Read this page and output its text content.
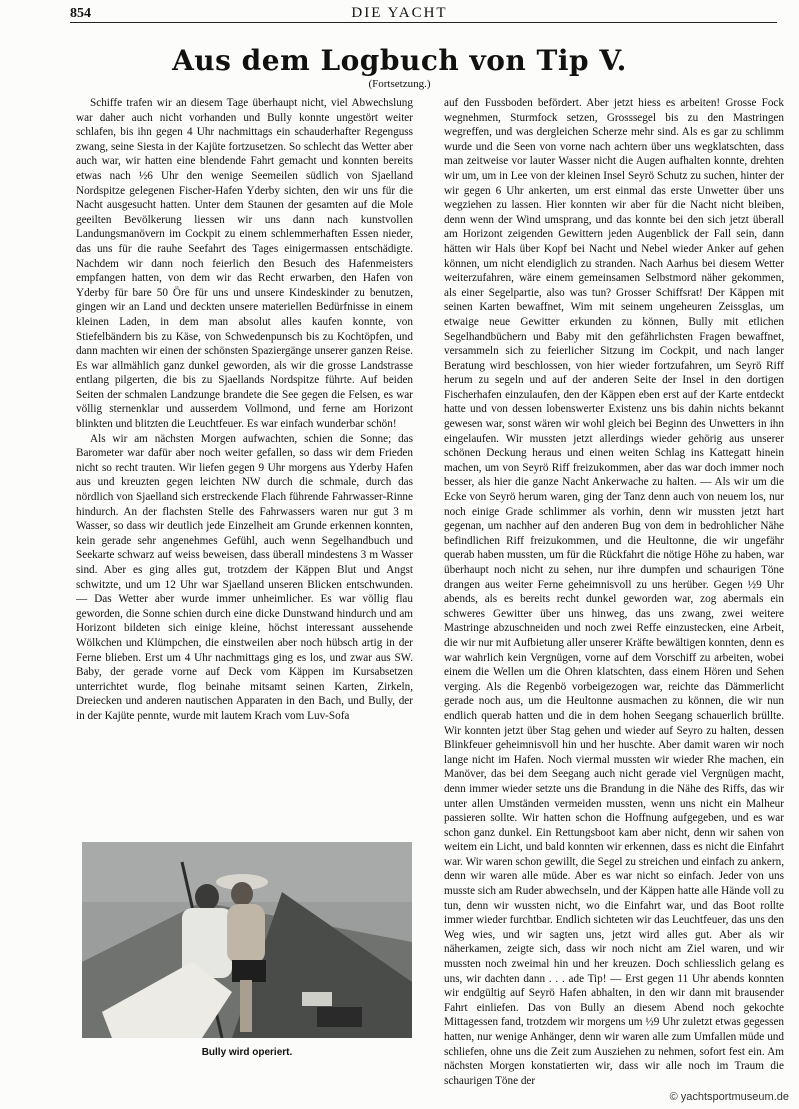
854	DIE YACHT
Aus dem Logbuch von Tip V.
(Fortsetzung.)

Schiffe trafen wir an diesem Tage überhaupt nicht, viel Abwechslung war daher auch nicht vorhanden und Bully konnte ungestört weiter schlafen, bis ihn gegen 4 Uhr nachmittags ein schauderhafter Regenguss zwang, seine Siesta in der Kajüte fortzusetzen. So schlecht das Wetter aber auch war, wir hatten eine blendende Fahrt gemacht und konnten bereits etwas nach ½6 Uhr den wenige Seemeilen südlich von Sjaelland Nordspitze gelegenen Fischer-Hafen Yderby sichten, den wir uns für die Nacht ausgesucht hatten. Unter dem Staunen der gesamten auf die Mole geeilten Bevölkerung liessen wir uns dann nach kunstvollen Landungsmanövern im Cockpit zu einem schlemmerhaften Essen nieder, das uns für die rauhe Seefahrt des Tages einigermassen entschädigte. Nachdem wir dann noch feierlich den Besuch des Hafenmeisters empfangen hatten, von dem wir das Recht erwarben, den Hafen von Yderby für bare 50 Öre für uns und unsere Kindeskinder zu benutzen, gingen wir an Land und deckten unsere materiellen Bedürfnisse in einem kleinen Laden, in dem man absolut alles kaufen konnte, von Stiefelbändern bis zu Käse, von Schwedenpunsch bis zu Kochtöpfen, und dann machten wir einen der schönsten Spaziergänge unserer ganzen Reise. Es war allmählich ganz dunkel geworden, als wir die grosse Landstrasse entlang pilgerten, die bis zu Sjaellands Nordspitze führte. Auf beiden Seiten der schmalen Landzunge brandete die See gegen die Felsen, es war völlig sternenklar und ausserdem Vollmond, und ferne am Horizont blinkten und blitzten die Leuchtfeuer. Es war einfach wunderbar schön!

Als wir am nächsten Morgen aufwachten, schien die Sonne; das Barometer war dafür aber noch weiter gefallen, so dass wir dem Frieden nicht so recht trauten. Wir liefen gegen 9 Uhr morgens aus Yderby Hafen aus und kreuzten gegen leichten NW durch die schmale, durch das nördlich von Sjaelland sich erstreckende Flach führende Fahrwasser-Rinne hindurch. An der flachsten Stelle des Fahrwassers waren nur gut 3 m Wasser, so dass wir deutlich jede Einzelheit am Grunde erkennen konnten, kein gerade sehr angenehmes Gefühl, auch wenn Segelhandbuch und Seekarte schwarz auf weiss beweisen, dass überall mindestens 3 m Wasser sind. Aber es ging alles gut, trotzdem der Käppen Blut und Angst schwitzte, und um 12 Uhr war Sjaelland unseren Blicken entschwunden. — Das Wetter aber wurde immer unheimlicher. Es war völlig flau geworden, die Sonne schien durch eine dicke Dunstwand hindurch und am Horizont bildeten sich einige kleine, höchst interessant aussehende Wölkchen und Klümpchen, die einstweilen aber noch hübsch artig in der Ferne blieben. Erst um 4 Uhr nachmittags ging es los, und zwar aus SW. Baby, der gerade vorne auf Deck vom Käppen im Kursabsetzen unterrichtet wurde, flog beinahe mitsamt seinen Karten, Zirkeln, Dreiecken und anderen nautischen Apparaten in den Bach, und Bully, der in der Kajüte pennte, wurde mit lautem Krach vom Luv-Sofa

Bully wird operiert.

auf den Fussboden befördert. Aber jetzt hiess es arbeiten! Grosse Fock wegnehmen, Sturmfock setzen, Grosssegel bis zu den Mastringen wegreffen, und was dergleichen Scherze mehr sind. Als es gar zu schlimm wurde und die Seen von vorne nach achtern über uns wegklatschten, dass man zeitweise vor lauter Wasser nicht die Augen aufhalten konnte, drehten wir um, um in Lee von der kleinen Insel Seyrö Schutz zu suchen, hinter der wir gegen 6 Uhr ankerten, um erst einmal das erste Unwetter über uns wegziehen zu lassen. Hier konnten wir aber für die Nacht nicht bleiben, denn wenn der Wind umsprang, und das konnte bei den sich jetzt überall am Horizont zeigenden Gewittern jeden Augenblick der Fall sein, dann hätten wir Hals über Kopf bei Nacht und Nebel wieder Anker auf gehen können, um nicht elendiglich zu stranden. Nach Aarhus bei diesem Wetter weiterzufahren, wäre einem gemeinsamen Selbstmord näher gekommen, als einer Segelpartie, also was tun? Grosser Schiffsrat! Der Käppen mit seinen Karten bewaffnet, Wim mit seinem ungeheuren Zeissglas, um etwaige neue Gewitter erkunden zu können, Bully mit etlichen Segelhandbüchern und Baby mit den gefährlichsten Fragen bewaffnet, versammeln sich zu feierlicher Sitzung im Cockpit, und nach langer Beratung wird beschlossen, von hier wieder fortzufahren, um Seyrö Riff herum zu segeln und auf der anderen Seite der Insel in den dortigen Fischerhafen einzulaufen, den der Käppen eben erst auf der Karte entdeckt hatte und von dessen lobenswerter Existenz uns bis dahin nichts bekannt gewesen war, sonst wären wir wohl gleich bei Beginn des Unwetters in ihn eingelaufen. Wir mussten jetzt allerdings wieder gehörig aus unserer schönen Deckung heraus und einen weiten Schlag ins Kattegatt hinein machen, um von Seyrö Riff freizukommen, aber das war doch immer noch besser, als hier die ganze Nacht Ankerwache zu halten. — Als wir um die Ecke von Seyrö herum waren, ging der Tanz denn auch von neuem los, nur noch einige Grade schlimmer als vorhin, denn wir mussten jetzt hart gegenan, um nachher auf den anderen Bug von dem in bedrohlicher Nähe befindlichen Riff freizukommen, und die Heultonne, die wir ungefähr querab haben mussten, um für die Rückfahrt die nötige Höhe zu haben, war überhaupt noch nicht zu sehen, nur ihre dumpfen und schaurigen Töne drangen aus weiter Ferne geheimnisvoll zu uns herüber. Gegen ½9 Uhr abends, als es bereits recht dunkel geworden war, zog abermals ein schweres Gewitter über uns hinweg, das uns zwang, zwei weitere Mastringe abzuschneiden und noch zwei Reffe einzustecken, eine Arbeit, die wir nur mit Aufbietung aller unserer Kräfte bewältigen konnten, denn es war wahrlich kein Vergnügen, vorne auf dem Vorschiff zu arbeiten, wobei einem die Wellen um die Ohren klatschten, dass einem Hören und Sehen verging. Als die Regenbö vorbeigezogen war, reichte das Dämmerlicht gerade noch aus, um die Heultonne ausmachen zu können, die wir nun endlich querab hatten und die in dem hohen Seegang schauerlich brüllte. Wir konnten jetzt über Stag gehen und wieder auf Seyro zu halten, dessen Blinkfeuer geheimnisvoll hin und her huschte. Aber damit waren wir noch lange nicht im Hafen. Noch viermal mussten wir wieder Rhe machen, ein Manöver, das bei dem Seegang auch nicht gerade viel Vergnügen macht, denn immer wieder setzte uns die Brandung in die Nähe des Riffs, das wir unter allen Umständen vermeiden mussten, wenn uns nicht ein Malheur passieren sollte. Wir hatten schon die Hoffnung aufgegeben, und es war schon ganz dunkel. Ein Rettungsboot kam aber nicht, denn wir sahen von weitem ein Licht, und bald konnten wir erkennen, dass es nicht die Einfahrt war. Wir waren schon gewillt, die Segel zu streichen und einfach zu ankern, denn wir waren alle müde. Aber es war nicht so einfach. Jeder von uns musste sich am Ruder abwechseln, und der Käppen hatte alle Hände voll zu tun, denn wir wussten nicht, wo die Einfahrt war, und das Boot rollte immer wieder furchtbar. Endlich sichteten wir das Leuchtfeuer, das uns den Weg wies, und wir sagten uns, jetzt wird alles gut. Aber als wir näherkamen, zeigte sich, dass wir noch nicht am Ziel waren, und wir mussten noch zweimal hin und her kreuzen. Doch schliesslich gelang es uns, wir dachten dann . . . ade Tip! — Erst gegen 11 Uhr abends konnten wir endgültig auf Seyrö Hafen abhalten, in den wir dann mit brausender Fahrt einliefen. Das von Bully an diesem Abend noch gekochte Mittagessen fand, trotzdem wir morgens um ½9 Uhr zuletzt etwas gegessen hatten, nur wenige Anhänger, denn wir waren alle zum Umfallen müde und schliefen, ohne uns die Zeit zum Ausziehen zu nehmen, sofort fest ein. Am nächsten Morgen konstatierten wir, dass wir alle noch im Traum die schaurigen Töne der

© yachtsportmuseum.de
